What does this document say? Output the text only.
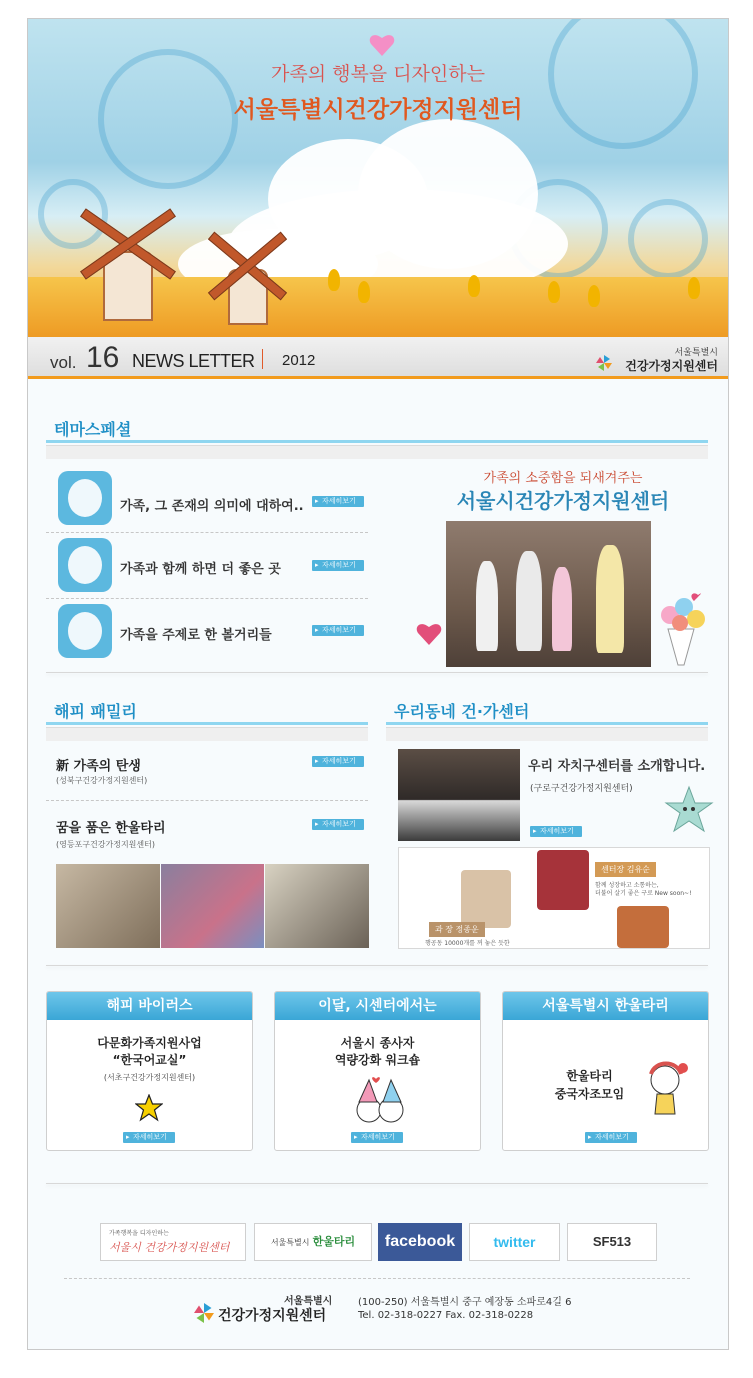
가족의 행복을 디자인하는
서울특별시건강가정지원센터
vol. 16 NEWS LETTER 2012	서울특별시
건강가정지원센터
테마스페셜
가족, 그 존재의 의미에 대하여..	▸ 자세히보기
가족과 함께 하면 더 좋은 곳	▸ 자세히보기
가족을 주제로 한 볼거리들	▸ 자세히보기
가족의 소중함을 되새겨주는
서울시건강가정지원센터
해피 패밀리
新 가족의 탄생
(성북구건강가정지원센터)
▸ 자세히보기
꿈을 품은 한울타리
(영등포구건강가정지원센터)
▸ 자세히보기
우리동네 건·가센터
우리 자치구센터를 소개합니다.
(구로구건강가정지원센터)
▸ 자세히보기
센터장 김유순
함께 성장하고 소통하는,
더불어 살기 좋은 구로 New soon~!
과 장 정종운
행공동 10000개를 꺼 놓은 듯한
해피 바이러스
다문화가족지원사업
“한국어교실”
(서초구건강가정지원센터)
▸ 자세히보기
이달, 시센터에서는
서울시 종사자
역량강화 워크숍
▸ 자세히보기
서울특별시 한울타리
한울타리
중국자조모임
▸ 자세히보기
가족행복을 디자인하는
서울시 건강가정지원센터	서울특별시 한울타리	facebook	twitter	SF513
서울특별시
건강가정지원센터
(100-250) 서울특별시 중구 예장동 소파로4길 6
Tel. 02-318-0227 Fax. 02-318-0228
